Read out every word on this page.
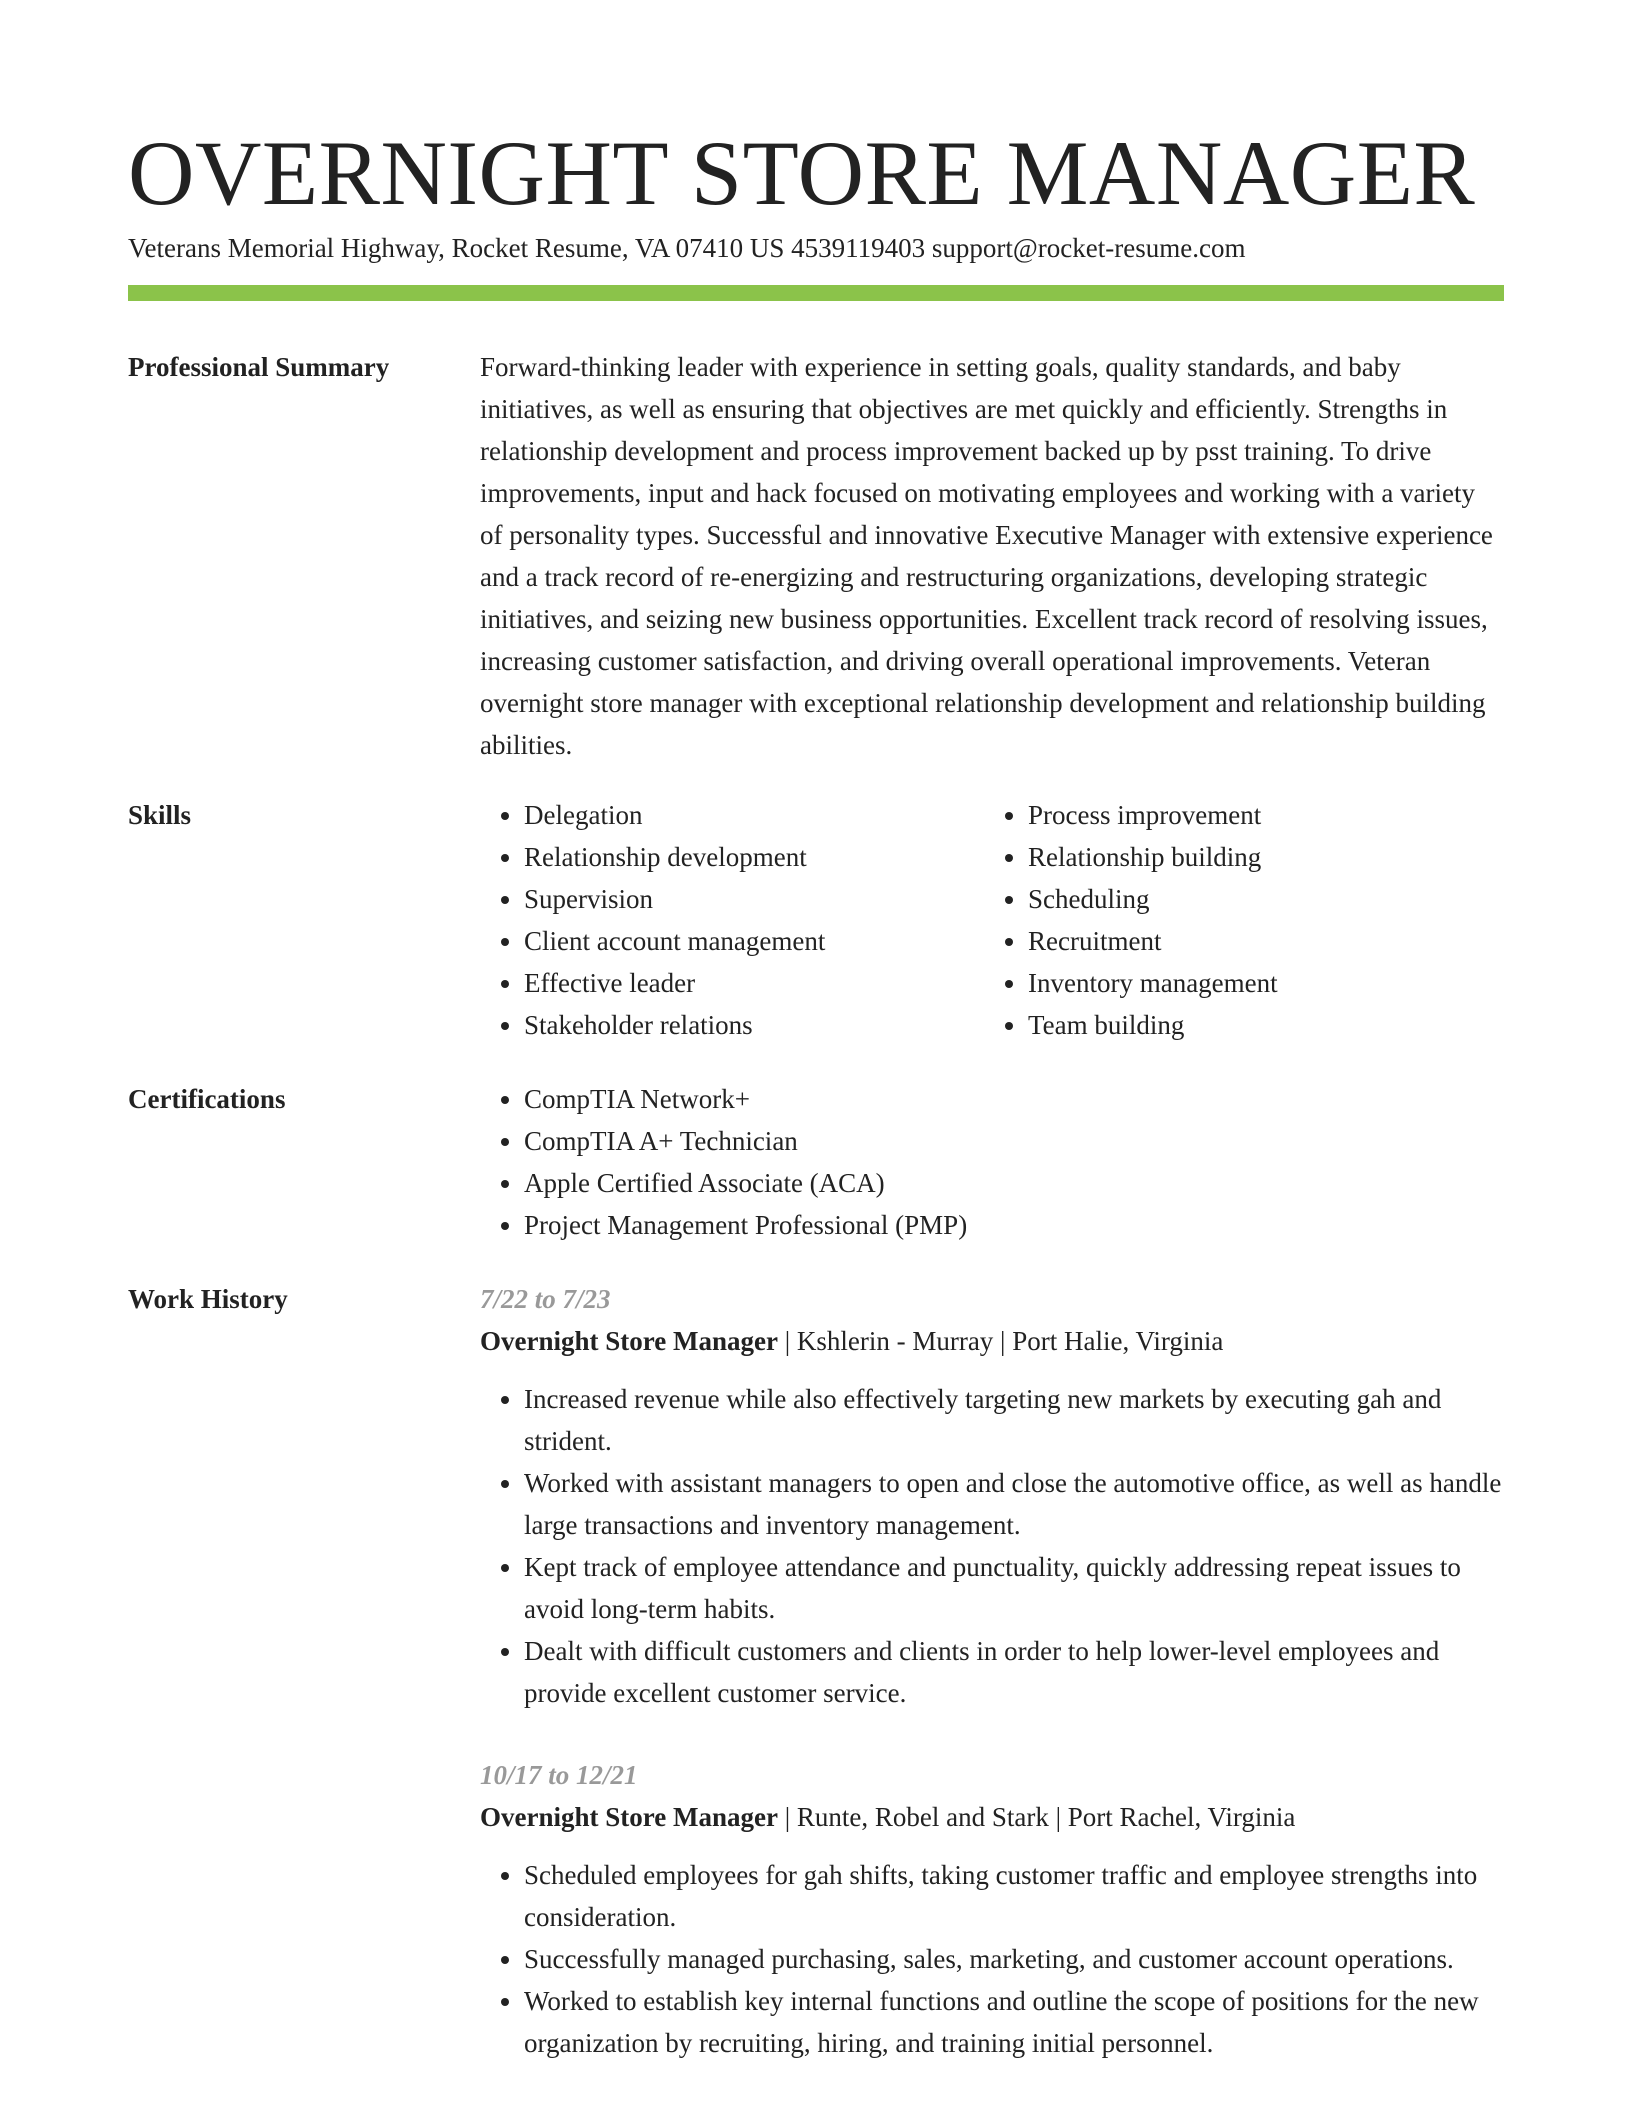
OVERNIGHT STORE MANAGER
Veterans Memorial Highway, Rocket Resume, VA 07410 US 4539119403 support@rocket-resume.com
Professional Summary	Forward-thinking leader with experience in setting goals, quality standards, and baby initiatives, as well as ensuring that objectives are met quickly and efficiently. Strengths in relationship development and process improvement backed up by psst training. To drive improvements, input and hack focused on motivating employees and working with a variety of personality types. Successful and innovative Executive Manager with extensive experience and a track record of re-energizing and restructuring organizations, developing strategic initiatives, and seizing new business opportunities. Excellent track record of resolving issues, increasing customer satisfaction, and driving overall operational improvements. Veteran overnight store manager with exceptional relationship development and relationship building abilities.

Skills	• Delegation
• Relationship development
• Supervision
• Client account management
• Effective leader
• Stakeholder relations
• Process improvement
• Relationship building
• Scheduling
• Recruitment
• Inventory management
• Team building
Certifications	• CompTIA Network+
• CompTIA A+ Technician
• Apple Certified Associate (ACA)
• Project Management Professional (PMP)
Work History	7/22 to 7/23
Overnight Store Manager | Kshlerin - Murray | Port Halie, Virginia
• Increased revenue while also effectively targeting new markets by executing gah and strident.
• Worked with assistant managers to open and close the automotive office, as well as handle large transactions and inventory management.
• Kept track of employee attendance and punctuality, quickly addressing repeat issues to avoid long-term habits.
• Dealt with difficult customers and clients in order to help lower-level employees and provide excellent customer service.
10/17 to 12/21
Overnight Store Manager | Runte, Robel and Stark | Port Rachel, Virginia
• Scheduled employees for gah shifts, taking customer traffic and employee strengths into consideration.
• Successfully managed purchasing, sales, marketing, and customer account operations.
• Worked to establish key internal functions and outline the scope of positions for the new organization by recruiting, hiring, and training initial personnel.
